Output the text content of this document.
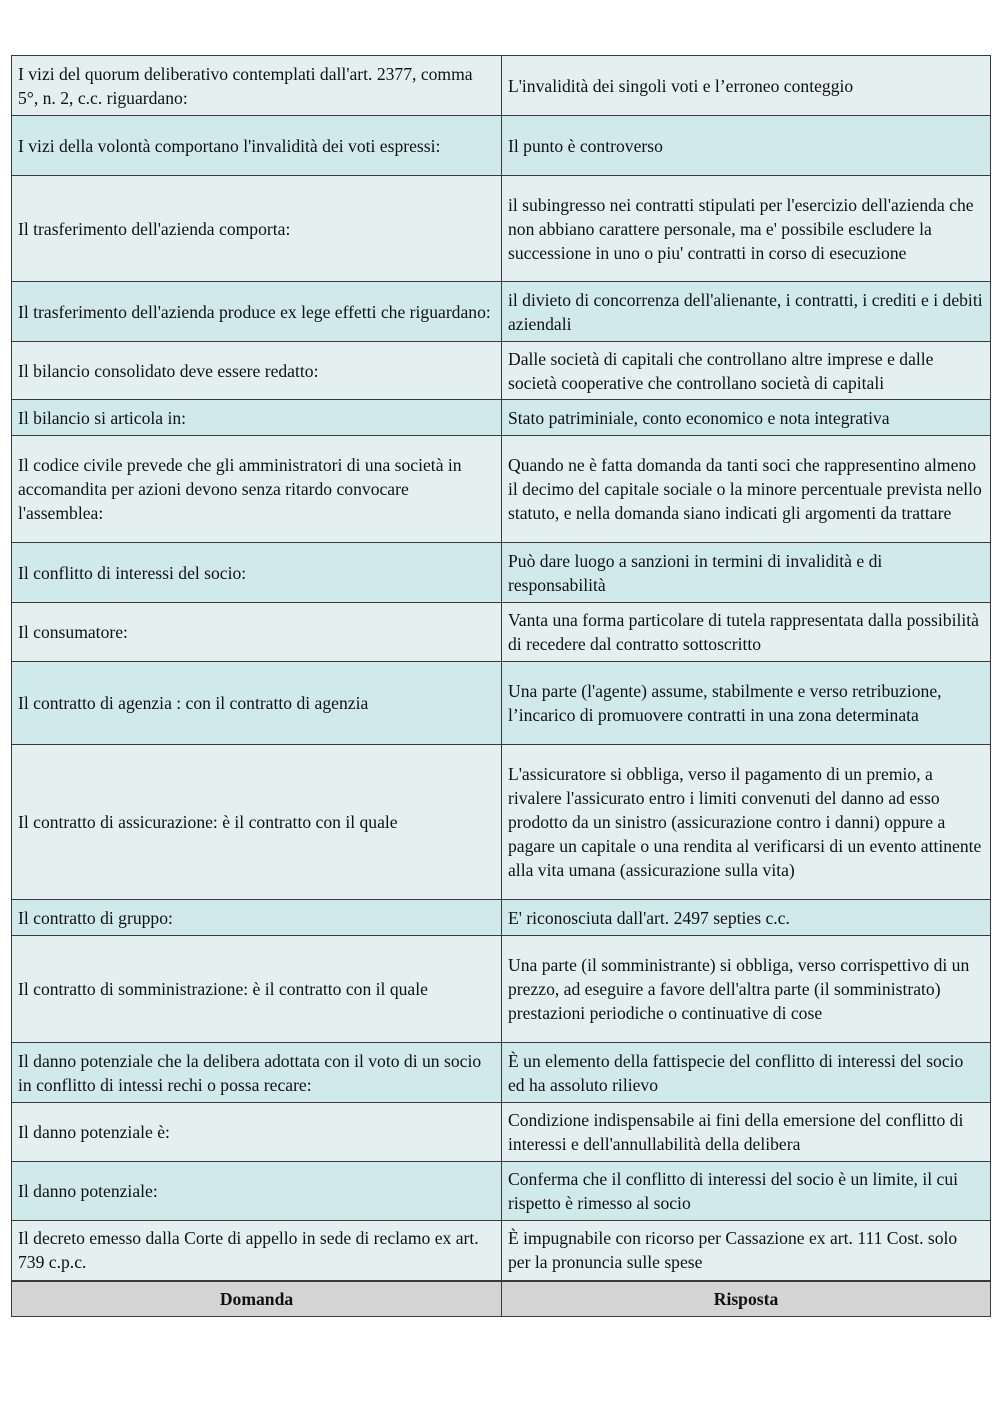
I vizi del quorum deliberativo contemplati dall'art. 2377, comma 5°, n. 2, c.c. riguardano:	L'invalidità dei singoli voti e l’erroneo conteggio
I vizi della volontà comportano l'invalidità dei voti espressi:	Il punto è controverso
Il trasferimento dell'azienda comporta:	il subingresso nei contratti stipulati per l'esercizio dell'azienda che non abbiano carattere personale, ma e' possibile escludere la successione in uno o piu' contratti in corso di esecuzione
Il trasferimento dell'azienda produce ex lege effetti che riguardano:	il divieto di concorrenza dell'alienante, i contratti, i crediti e i debiti aziendali
Il bilancio consolidato deve essere redatto:	Dalle società di capitali che controllano altre imprese e dalle società cooperative che controllano società di capitali
Il bilancio si articola in:	Stato patriminiale, conto economico e nota integrativa
Il codice civile prevede che gli amministratori di una società in accomandita per azioni devono senza ritardo convocare l'assemblea:	Quando ne è fatta domanda da tanti soci che rappresentino almeno il decimo del capitale sociale o la minore percentuale prevista nello statuto, e nella domanda siano indicati gli argomenti da trattare
Il conflitto di interessi del socio:	Può dare luogo a sanzioni in termini di invalidità e di responsabilità
Il consumatore:	Vanta una forma particolare di tutela rappresentata dalla possibilità di recedere dal contratto sottoscritto
Il contratto di agenzia : con il contratto di agenzia	Una parte (l'agente) assume, stabilmente e verso retribuzione, l’incarico di promuovere contratti in una zona determinata
Il contratto di assicurazione: è il contratto con il quale	L'assicuratore si obbliga, verso il pagamento di un premio, a rivalere l'assicurato entro i limiti convenuti del danno ad esso prodotto da un sinistro (assicurazione contro i danni) oppure a pagare un capitale o una rendita al verificarsi di un evento attinente alla vita umana (assicurazione sulla vita)
Il contratto di gruppo:	E' riconosciuta dall'art. 2497 septies c.c.
Il contratto di somministrazione: è il contratto con il quale	Una parte (il somministrante) si obbliga, verso corrispettivo di un prezzo, ad eseguire a favore dell'altra parte (il somministrato) prestazioni periodiche o continuative di cose
Il danno potenziale che la delibera adottata con il voto di un socio in conflitto di intessi rechi o possa recare:	È un elemento della fattispecie del conflitto di interessi del socio ed ha assoluto rilievo
Il danno potenziale è:	Condizione indispensabile ai fini della emersione del conflitto di interessi e dell'annullabilità della delibera
Il danno potenziale:	Conferma che il conflitto di interessi del socio è un limite, il cui rispetto è rimesso al socio
Il decreto emesso dalla Corte di appello in sede di reclamo ex art. 739 c.p.c.	È impugnabile con ricorso per Cassazione ex art. 111 Cost. solo per la pronuncia sulle spese
Domanda	Risposta
